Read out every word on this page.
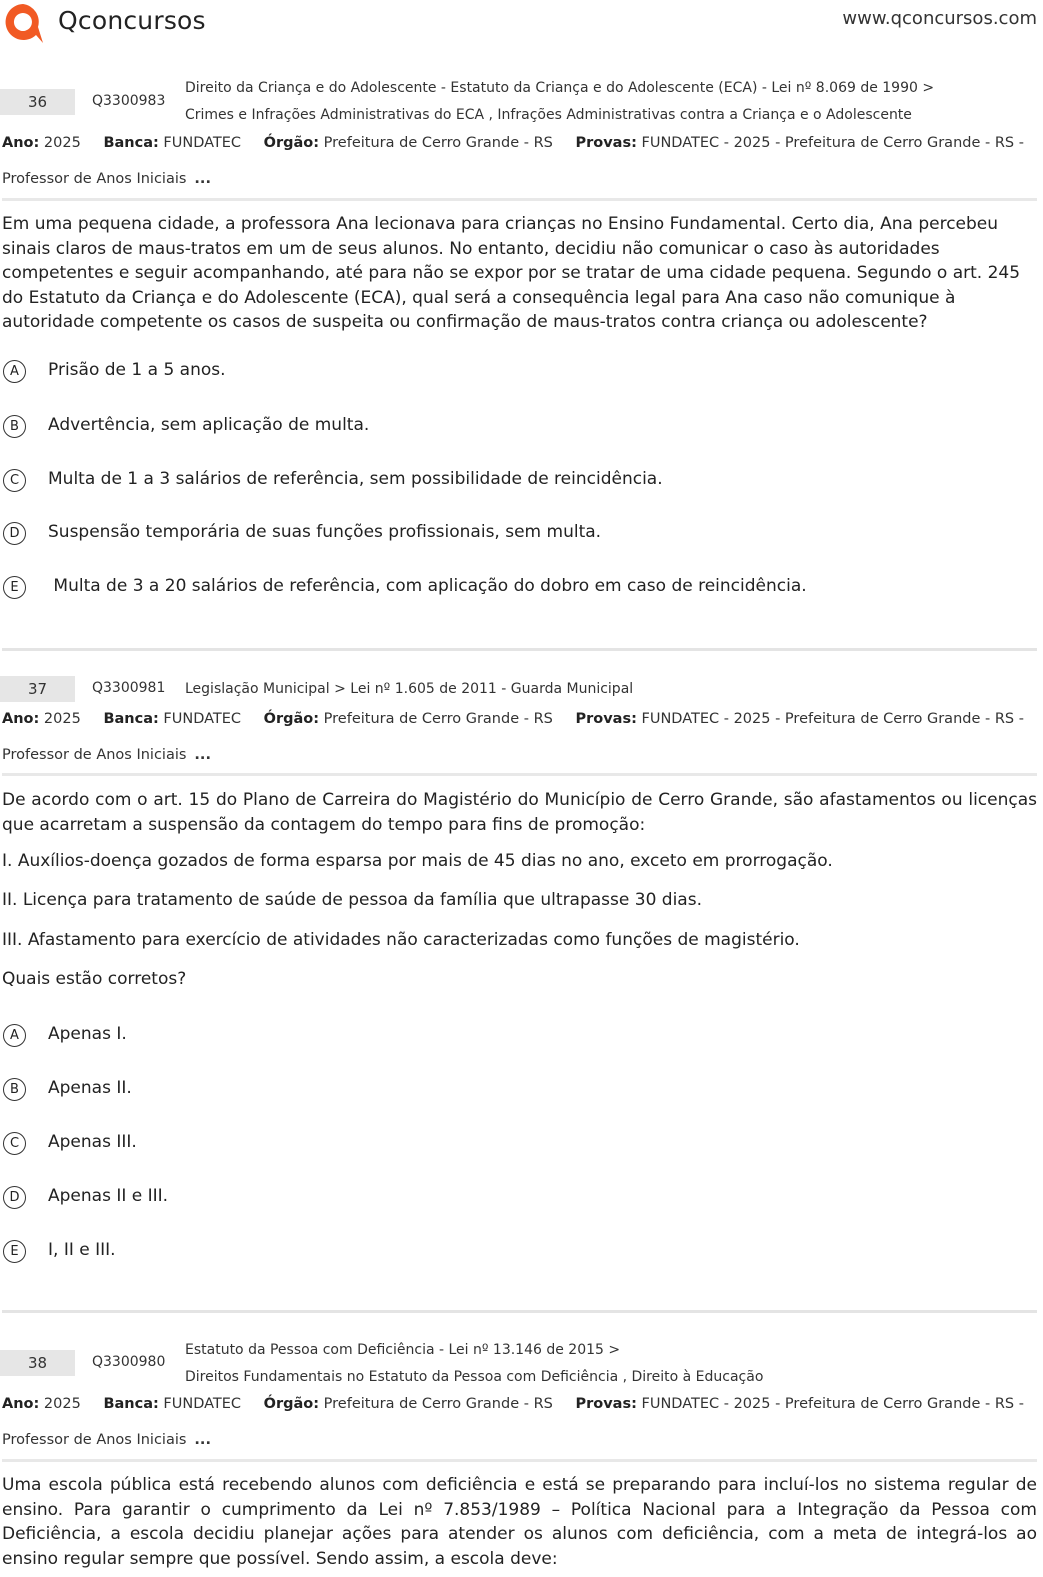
Qconcursos	www.qconcursos.com
36	Q3300983
Direito da Criança e do Adolescente - Estatuto da Criança e do Adolescente (ECA) - Lei nº 8.069 de 1990 >
Crimes e Infrações Administrativas do ECA , Infrações Administrativas contra a Criança e o Adolescente
Ano: 2025 Banca: FUNDATEC Órgão: Prefeitura de Cerro Grande - RS Provas: FUNDATEC - 2025 - Prefeitura de Cerro Grande - RS -
Professor de Anos Iniciais ...
Em uma pequena cidade, a professora Ana lecionava para crianças no Ensino Fundamental. Certo dia, Ana percebeu sinais claros de maus-tratos em um de seus alunos. No entanto, decidiu não comunicar o caso às autoridades competentes e seguir acompanhando, até para não se expor por se tratar de uma cidade pequena. Segundo o art. 245 do Estatuto da Criança e do Adolescente (ECA), qual será a consequência legal para Ana caso não comunique à autoridade competente os casos de suspeita ou confirmação de maus-tratos contra criança ou adolescente?
A	Prisão de 1 a 5 anos.
B	Advertência, sem aplicação de multa.
C	Multa de 1 a 3 salários de referência, sem possibilidade de reincidência.
D	Suspensão temporária de suas funções profissionais, sem multa.
E	Multa de 3 a 20 salários de referência, com aplicação do dobro em caso de reincidência.
37	Q3300981 Legislação Municipal > Lei nº 1.605 de 2011 - Guarda Municipal
Ano: 2025 Banca: FUNDATEC Órgão: Prefeitura de Cerro Grande - RS Provas: FUNDATEC - 2025 - Prefeitura de Cerro Grande - RS -
Professor de Anos Iniciais ...
De acordo com o art. 15 do Plano de Carreira do Magistério do Município de Cerro Grande, são afastamentos ou licenças que acarretam a suspensão da contagem do tempo para fins de promoção:
I. Auxílios-doença gozados de forma esparsa por mais de 45 dias no ano, exceto em prorrogação.
II. Licença para tratamento de saúde de pessoa da família que ultrapasse 30 dias.
III. Afastamento para exercício de atividades não caracterizadas como funções de magistério.
Quais estão corretos?
A	Apenas I.
B	Apenas II.
C	Apenas III.
D	Apenas II e III.
E	I, II e III.
38	Q3300980
Estatuto da Pessoa com Deficiência - Lei nº 13.146 de 2015 >
Direitos Fundamentais no Estatuto da Pessoa com Deficiência , Direito à Educação
Ano: 2025 Banca: FUNDATEC Órgão: Prefeitura de Cerro Grande - RS Provas: FUNDATEC - 2025 - Prefeitura de Cerro Grande - RS -
Professor de Anos Iniciais ...
Uma escola pública está recebendo alunos com deficiência e está se preparando para incluí-los no sistema regular de ensino. Para garantir o cumprimento da Lei nº 7.853/1989 – Política Nacional para a Integração da Pessoa com Deficiência, a escola decidiu planejar ações para atender os alunos com deficiência, com a meta de integrá-los ao ensino regular sempre que possível. Sendo assim, a escola deve:
